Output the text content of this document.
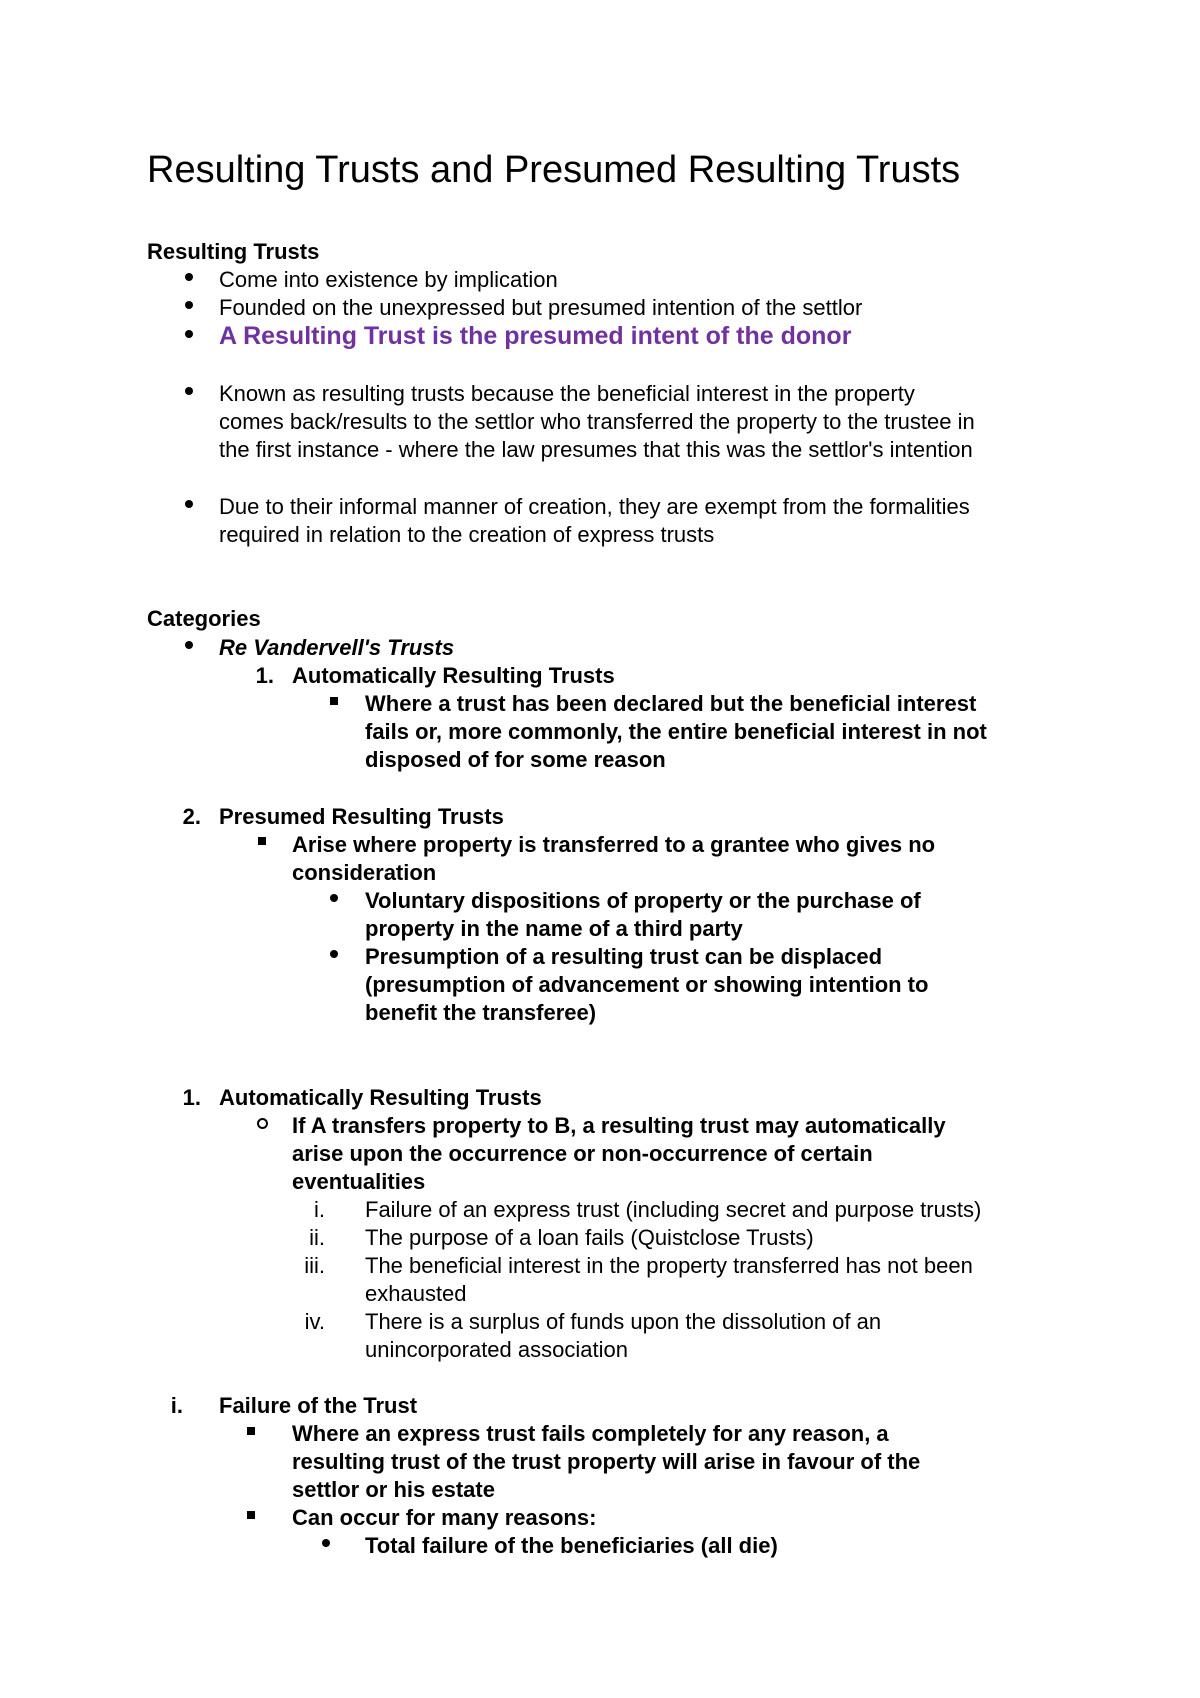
Resulting Trusts and Presumed Resulting Trusts
Resulting Trusts
Come into existence by implication
Founded on the unexpressed but presumed intention of the settlor
A Resulting Trust is the presumed intent of the donor
Known as resulting trusts because the beneficial interest in the property
comes back/results to the settlor who transferred the property to the trustee in
the first instance - where the law presumes that this was the settlor's intention
Due to their informal manner of creation, they are exempt from the formalities
required in relation to the creation of express trusts
Categories
Re Vandervell's Trusts
1. Automatically Resulting Trusts
Where a trust has been declared but the beneficial interest
fails or, more commonly, the entire beneficial interest in not
disposed of for some reason
2. Presumed Resulting Trusts
Arise where property is transferred to a grantee who gives no
consideration
Voluntary dispositions of property or the purchase of
property in the name of a third party
Presumption of a resulting trust can be displaced
(presumption of advancement or showing intention to
benefit the transferee)
1. Automatically Resulting Trusts
If A transfers property to B, a resulting trust may automatically
arise upon the occurrence or non-occurrence of certain
eventualities
i. Failure of an express trust (including secret and purpose trusts)
ii. The purpose of a loan fails (Quistclose Trusts)
iii. The beneficial interest in the property transferred has not been
exhausted
iv. There is a surplus of funds upon the dissolution of an
unincorporated association
i. Failure of the Trust
Where an express trust fails completely for any reason, a
resulting trust of the trust property will arise in favour of the
settlor or his estate
Can occur for many reasons:
Total failure of the beneficiaries (all die)
